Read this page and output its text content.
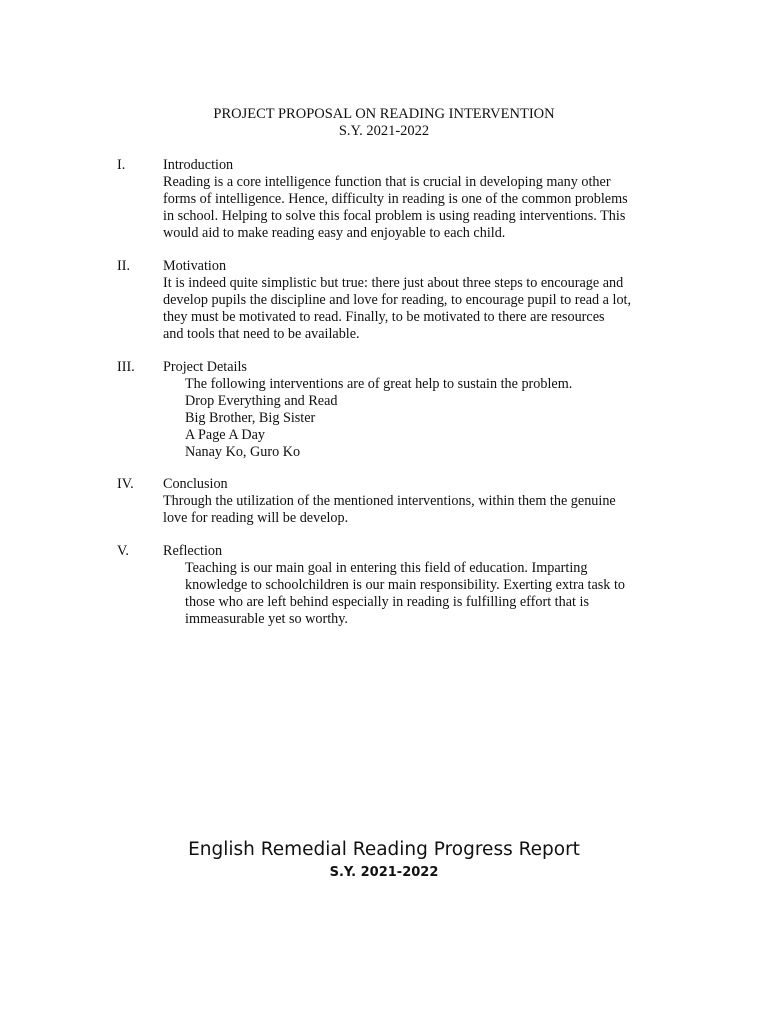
PROJECT PROPOSAL ON READING INTERVENTION
S.Y. 2021-2022
I.	Introduction

Reading is a core intelligence function that is crucial in developing many other

forms of intelligence. Hence, difficulty in reading is one of the common problems

in school. Helping to solve this focal problem is using reading interventions. This

would aid to make reading easy and enjoyable to each child.

II. Motivation

It is indeed quite simplistic but true: there just about three steps to encourage and

develop pupils the discipline and love for reading, to encourage pupil to read a lot,

they must be motivated to read. Finally, to be motivated to there are resources

and tools that need to be available.

III. Project Details

The following interventions are of great help to sustain the problem.

Drop Everything and Read

Big Brother, Big Sister

A Page A Day

Nanay Ko, Guro Ko

IV. Conclusion

Through the utilization of the mentioned interventions, within them the genuine

love for reading will be develop.

V. Reflection

Teaching is our main goal in entering this field of education. Imparting

knowledge to schoolchildren is our main responsibility. Exerting extra task to

those who are left behind especially in reading is fulfilling effort that is

immeasurable yet so worthy.

English Remedial Reading Progress Report
S.Y. 2021-2022
